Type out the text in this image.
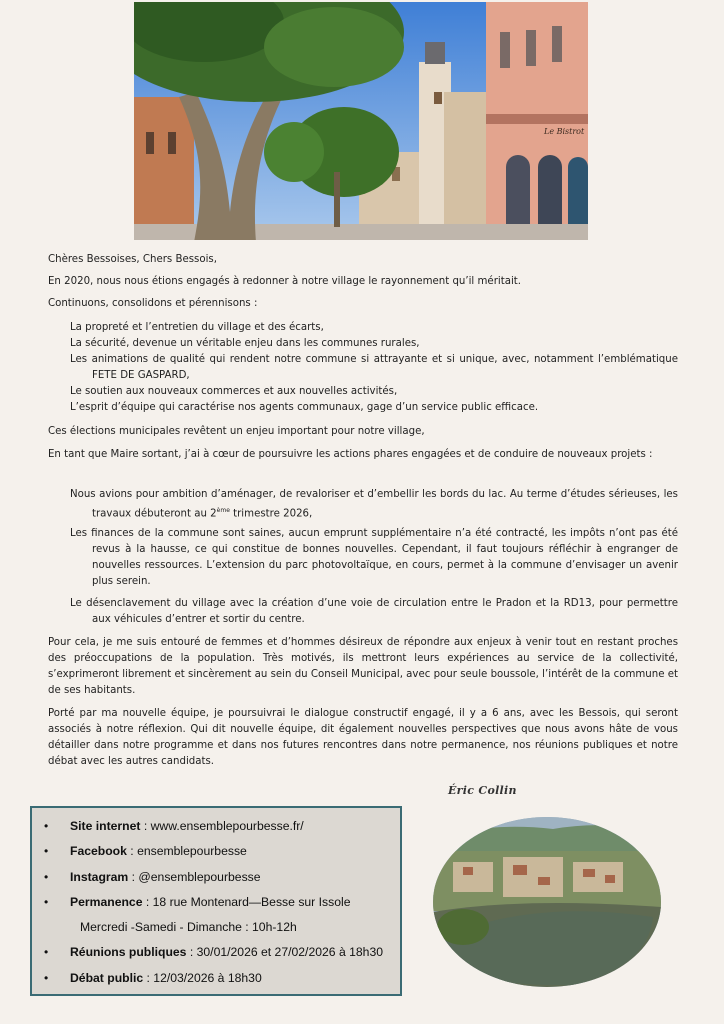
Le Bistrot

Chères Bessoises, Chers Bessois,

En 2020, nous nous étions engagés à redonner à notre village le rayonnement qu’il méritait.

Continuons, consolidons et pérennisons :

La propreté et l’entretien du village et des écarts,

La sécurité, devenue un véritable enjeu dans les communes rurales,

Les animations de qualité qui rendent notre commune si attrayante et si unique, avec, notamment l’emblématique FETE DE GASPARD,

Le soutien aux nouveaux commerces et aux nouvelles activités,

L’esprit d’équipe qui caractérise nos agents communaux, gage d’un service public efficace.

Ces élections municipales revêtent un enjeu important pour notre village,

En tant que Maire sortant, j’ai à cœur de poursuivre les actions phares engagées et de conduire de nouveaux projets :

Nous avions pour ambition d’aménager, de revaloriser et d’embellir les bords du lac. Au terme d’études sérieuses, les travaux débuteront au 2ème trimestre 2026,

Les finances de la commune sont saines, aucun emprunt supplémentaire n’a été contracté, les impôts n’ont pas été revus à la hausse, ce qui constitue de bonnes nouvelles. Cependant, il faut toujours réfléchir à engranger de nouvelles ressources. L’extension du parc photovoltaïque, en cours, permet à la commune d’envisager un avenir plus serein.

Le désenclavement du village avec la création d’une voie de circulation entre le Pradon et la RD13, pour permettre aux véhicules d’entrer et sortir du centre.

Pour cela, je me suis entouré de femmes et d’hommes désireux de répondre aux enjeux à venir tout en restant proches des préoccupations de la population. Très motivés, ils mettront leurs expériences au service de la collectivité, s’exprimeront librement et sincèrement au sein du Conseil Municipal, avec pour seule boussole, l’intérêt de la commune et de ses habitants.

Porté par ma nouvelle équipe, je poursuivrai le dialogue constructif engagé, il y a 6 ans, avec les Bessois, qui seront associés à notre réflexion. Qui dit nouvelle équipe, dit également nouvelles perspectives que nous avons hâte de vous détailler dans notre programme et dans nos futures rencontres dans notre permanence, nos réunions publiques et notre débat avec les autres candidats.

Éric Collin
• Site internet : www.ensemblepourbesse.fr/
• Facebook : ensemblepourbesse
• Instagram : @ensemblepourbesse
• Permanence : 18 rue Montenard—Besse sur Issole
Mercredi -Samedi - Dimanche : 10h-12h
• Réunions publiques : 30/01/2026 et 27/02/2026 à 18h30
• Débat public : 12/03/2026 à 18h30
